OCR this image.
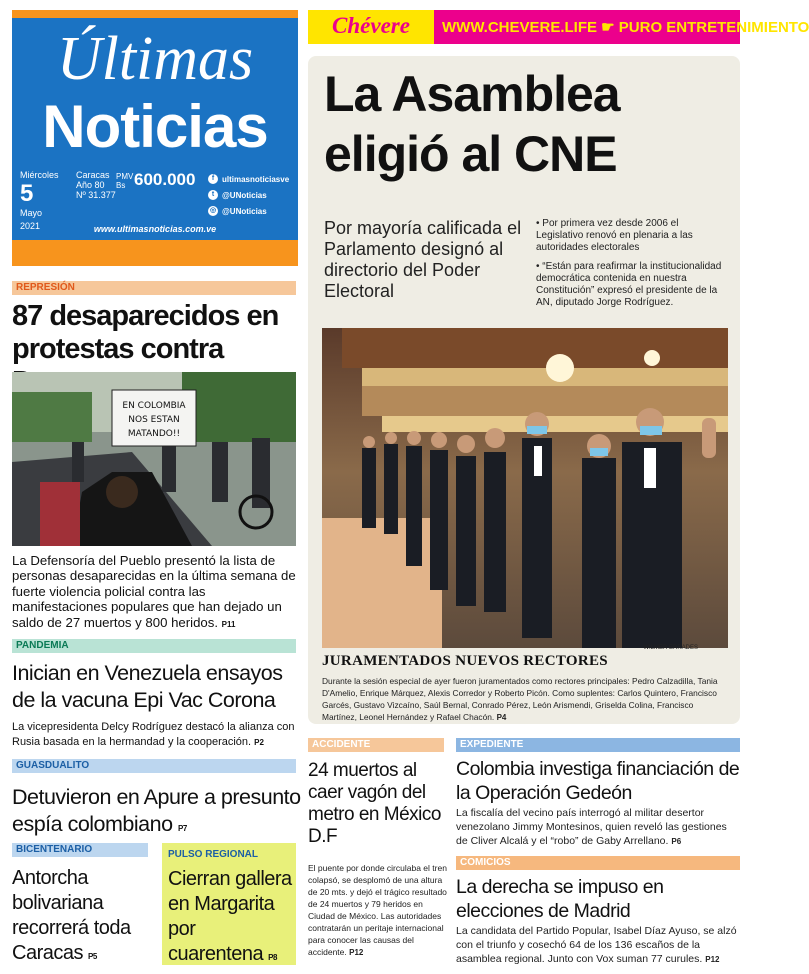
Últimas
Noticias
Miércoles
5
Mayo
2021
Caracas
Año 80
Nº 31.377
PMV Bs 600.000	f ultimasnoticiasve
t @UNoticias
◎ @UNoticias
www.ultimasnoticias.com.ve
Chévere	WWW.CHEVERE.LIFE ☛ PURO ENTRETENIMIENTO
La Asamblea eligió al CNE
Por mayoría calificada el Parlamento designó al directorio del Poder Electoral
• Por primera vez desde 2006 el Legislativo renovó en plenaria a las autoridades electorales
• “Están para reafirmar la institucionalidad democrática contenida en nuestra Constitución” expresó el presidente de la AN, diputado Jorge Rodríguez.
WILMER ERRADES
JURAMENTADOS NUEVOS RECTORES
Durante la sesión especial de ayer fueron juramentados como rectores principales: Pedro Calzadilla, Tania D'Amelio, Enrique Márquez, Alexis Corredor y Roberto Picón. Como suplentes: Carlos Quintero, Francisco Garcés, Gustavo Vizcaíno, Saúl Bernal, Conrado Pérez, León Arismendi, Griselda Colina, Francisco Martínez, Leonel Hernández y Rafael Chacón. P4
REPRESIÓN
87 desaparecidos en protestas contra
EN COLOMBIA
NOS ESTAN
MATANDO!!
La Defensoría del Pueblo presentó la lista de personas desaparecidas en la última semana de fuerte violencia policial contra las manifestaciones populares que han dejado un saldo de 27 muertos y 800 heridos. P11
PANDEMIA
Inician en Venezuela ensayos de la vacuna Epi Vac Corona
La vicepresidenta Delcy Rodríguez destacó la alianza con Rusia basada en la hermandad y la cooperación. P2
GUASDUALITO
Detuvieron en Apure a presunto espía colombiano P7
BICENTENARIO
Antorcha bolivariana recorrerá toda Caracas P5
PULSO REGIONAL
Cierran gallera en Margarita por cuarentena P8
ACCIDENTE
24 muertos al caer vagón del metro en México D.F
El puente por donde circulaba el tren colapsó, se desplomó de una altura de 20 mts. y dejó el trágico resultado de 24 muertos y 79 heridos en Ciudad de México. Las autoridades contratarán un peritaje internacional para conocer las causas del accidente. P12
EXPEDIENTE
Colombia investiga financiación de la Operación Gedeón
La fiscalía del vecino país interrogó al militar desertor venezolano Jimmy Montesinos, quien reveló las gestiones de Cliver Alcalá y el “robo” de Gaby Arrellano. P6
COMICIOS
La derecha se impuso en elecciones de Madrid
La candidata del Partido Popular, Isabel Díaz Ayuso, se alzó con el triunfo y cosechó 64 de los 136 escaños de la asamblea regional. Junto con Vox suman 77 curules. P12
